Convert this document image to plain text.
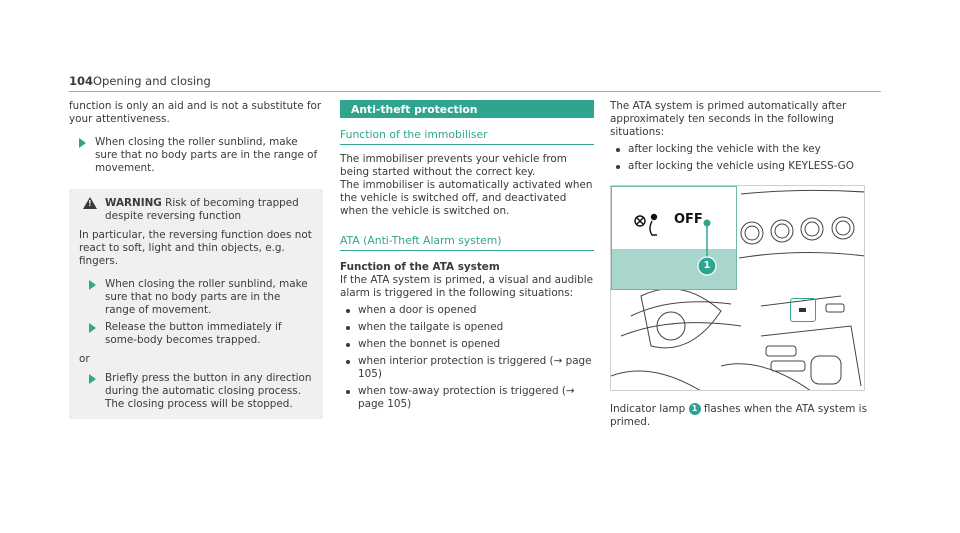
104 Opening and closing

function is only an aid and is not a substitute for your attentiveness.

When closing the roller sunblind, make sure that no body parts are in the range of movement.
!
WARNING Risk of becoming trapped despite reversing function

In particular, the reversing function does not react to soft, light and thin objects, e.g. fingers.

When closing the roller sunblind, make sure that no body parts are in the range of movement.
Release the button immediately if some-body becomes trapped.

or

Briefly press the button in any direction during the automatic closing process. The closing process will be stopped.
Anti-theft protection
Function of the immobiliser

The immobiliser prevents your vehicle from being started without the correct key.

The immobiliser is automatically activated when the vehicle is switched off, and deactivated when the vehicle is switched on.

ATA (Anti-Theft Alarm system)
Function of the ATA system

If the ATA system is primed, a visual and audible alarm is triggered in the following situations:

when a door is opened
when the tailgate is opened
when the bonnet is opened
when interior protection is triggered (→ page 105)
when tow-away protection is triggered (→ page 105)

The ATA system is primed automatically after approximately ten seconds in the following situations:

after locking the vehicle with the key
after locking the vehicle using KEYLESS-GO
OFF
1

Indicator lamp 1 flashes when the ATA system is primed.
